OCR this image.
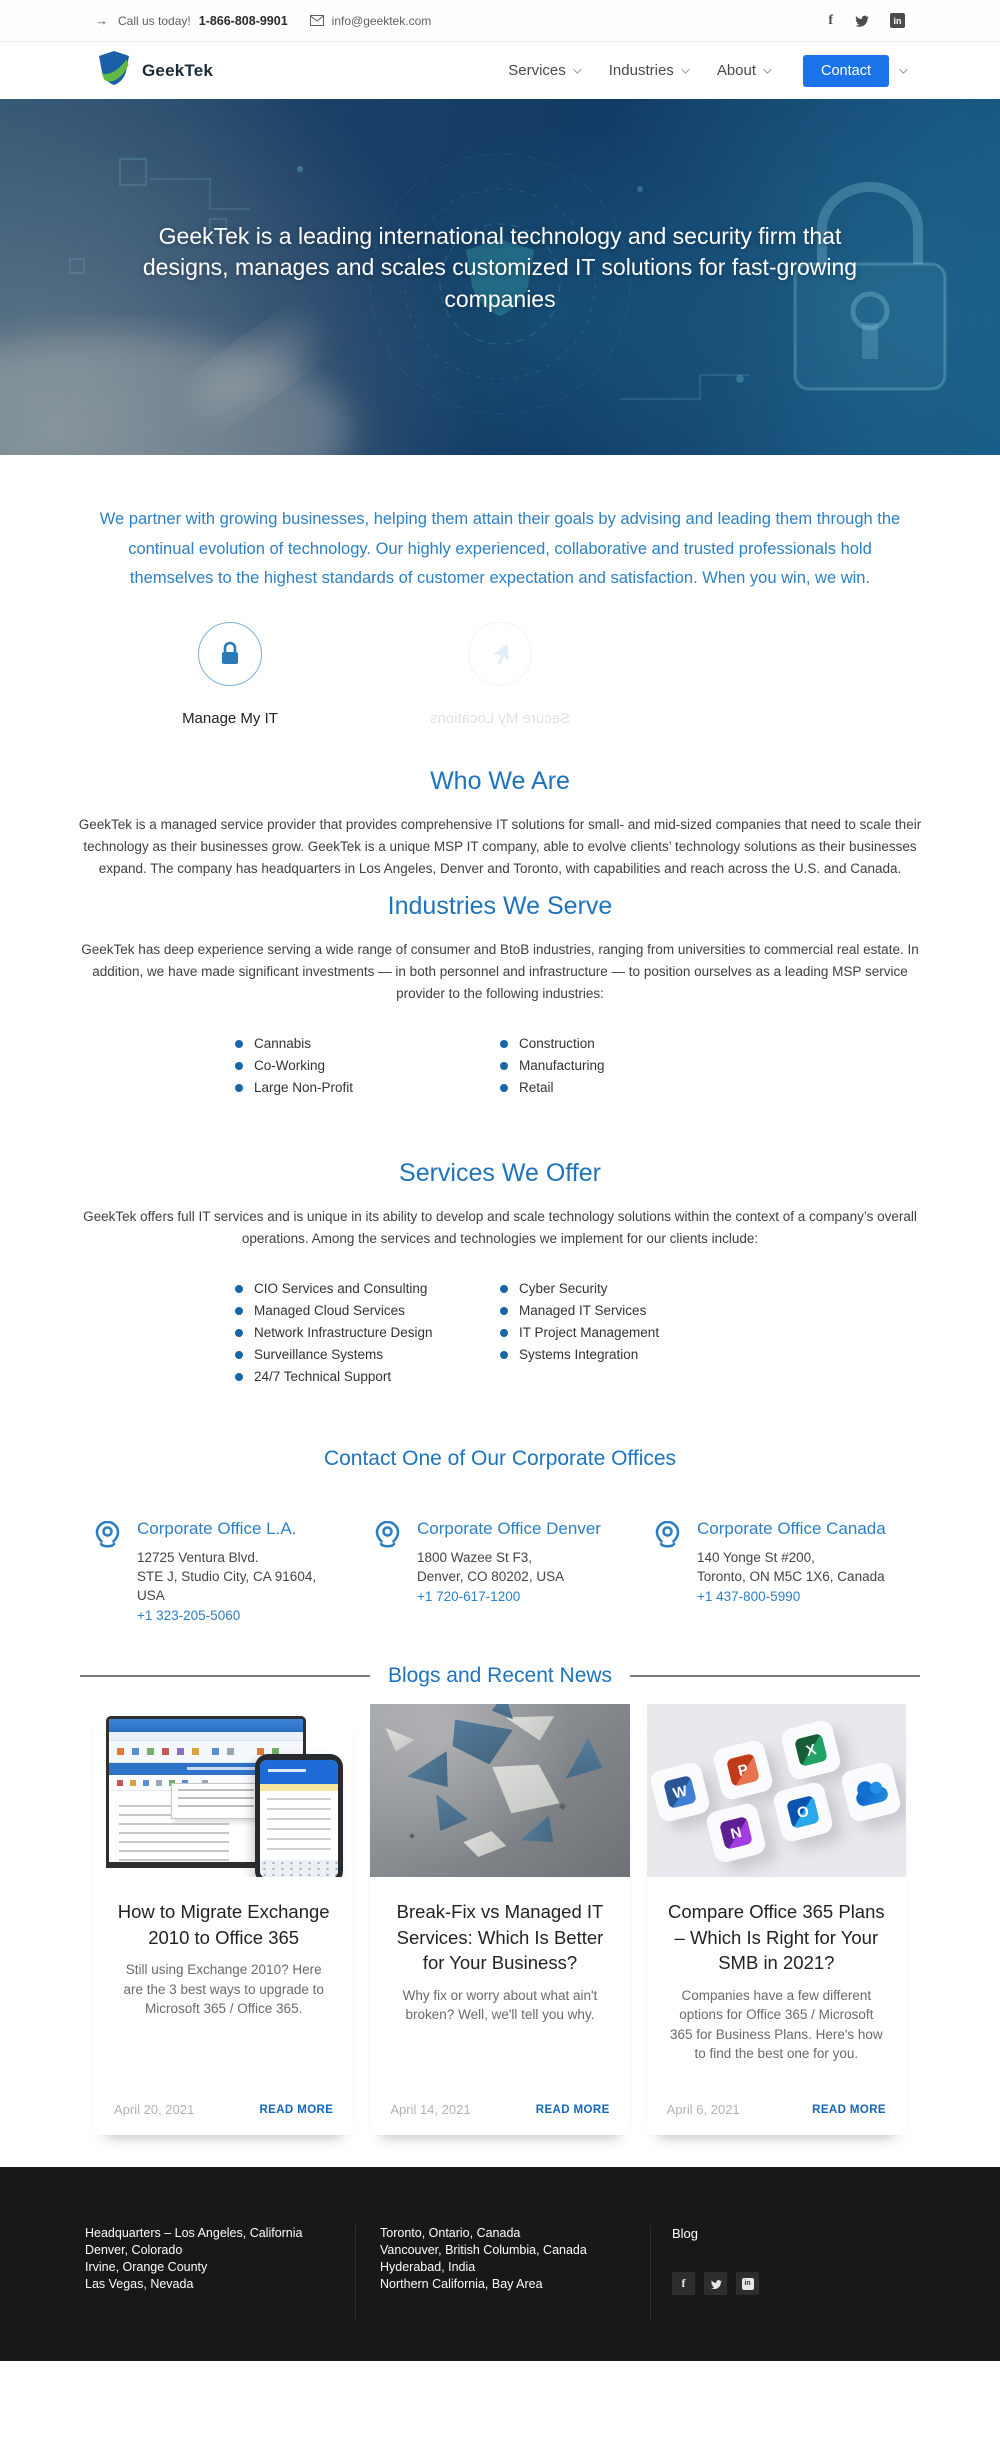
→ Call us today! 1-866-808-9901	info@geektek.com	f	in
GeekTek	Services	Industries	About	Contact
GeekTek is a leading international technology and security firm that designs, manages and scales customized IT solutions for fast-growing companies

We partner with growing businesses, helping them attain their goals by advising and leading them through the continual evolution of technology. Our highly experienced, collaborative and trusted professionals hold themselves to the highest standards of customer expectation and satisfaction. When you win, we win.

Manage My IT	Secure My Locations
Who We Are

GeekTek is a managed service provider that provides comprehensive IT solutions for small- and mid-sized companies that need to scale their technology as their businesses grow. GeekTek is a unique MSP IT company, able to evolve clients’ technology solutions as their businesses expand. The company has headquarters in Los Angeles, Denver and Toronto, with capabilities and reach across the U.S. and Canada.

Industries We Serve

GeekTek has deep experience serving a wide range of consumer and BtoB industries, ranging from universities to commercial real estate. In addition, we have made significant investments — in both personnel and infrastructure — to position ourselves as a leading MSP service provider to the following industries:

Cannabis
Co-Working
Large Non-Profit
Construction
Manufacturing
Retail
Services We Offer

GeekTek offers full IT services and is unique in its ability to develop and scale technology solutions within the context of a company’s overall operations. Among the services and technologies we implement for our clients include:

CIO Services and Consulting
Managed Cloud Services
Network Infrastructure Design
Surveillance Systems
24/7 Technical Support
Cyber Security
Managed IT Services
IT Project Management
Systems Integration
Contact One of Our Corporate Offices
Corporate Office L.A.
12725 Ventura Blvd.
STE J, Studio City, CA 91604,
USA
+1 323-205-5060
Corporate Office Denver
1800 Wazee St F3,
Denver, CO 80202, USA
+1 720-617-1200
Corporate Office Canada
140 Yonge St #200,
Toronto, ON M5C 1X6, Canada
+1 437-800-5990
Blogs and Recent News
How to Migrate Exchange 2010 to Office 365

Still using Exchange 2010? Here are the 3 best ways to upgrade to Microsoft 365 / Office 365.

April 20, 2021	READ MORE
Break-Fix vs Managed IT Services: Which Is Better for Your Business?

Why fix or worry about what ain't broken? Well, we'll tell you why.

April 14, 2021	READ MORE
W
P
X
N
O
Compare Office 365 Plans – Which Is Right for Your SMB in 2021?

Companies have a few different options for Office 365 / Microsoft 365 for Business Plans. Here's how to find the best one for you.

April 6, 2021	READ MORE
Headquarters – Los Angeles, California
Denver, Colorado
Irvine, Orange County
Las Vegas, Nevada
Toronto, Ontario, Canada
Vancouver, British Columbia, Canada
Hyderabad, India
Northern California, Bay Area
Blog
f	in
